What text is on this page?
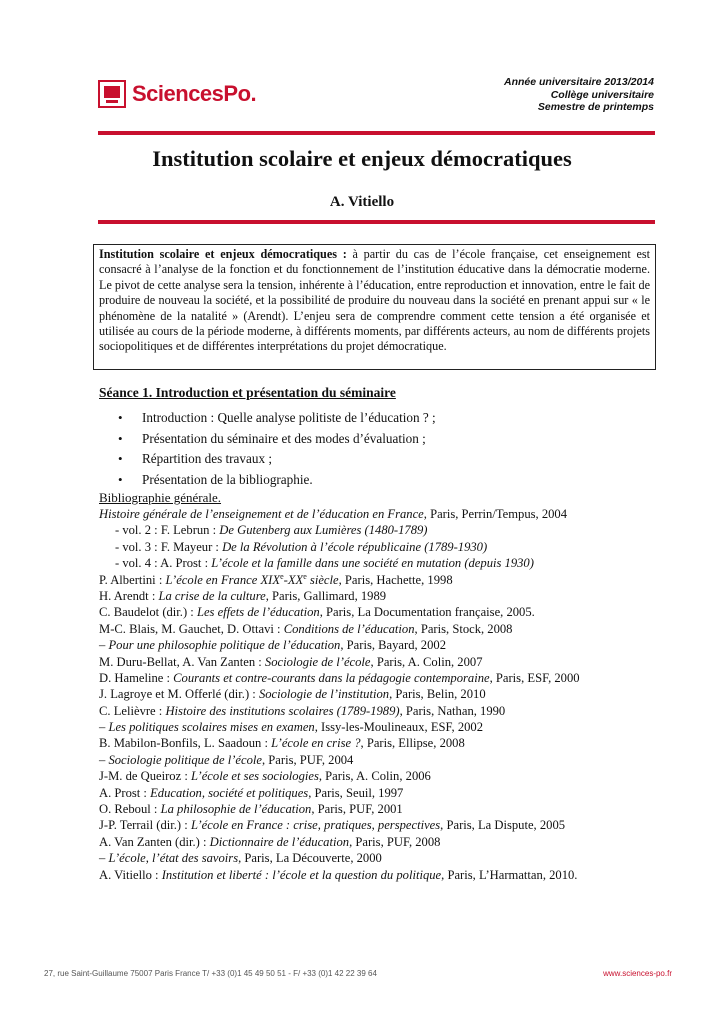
SciencesPo.	Année universitaire 2013/2014
Collège universitaire
Semestre de printemps
Institution scolaire et enjeux démocratiques
A. Vitiello
Institution scolaire et enjeux démocratiques : à partir du cas de l’école française, cet enseignement est consacré à l’analyse de la fonction et du fonctionnement de l’institution éducative dans la démocratie moderne. Le pivot de cette analyse sera la tension, inhérente à l’éducation, entre reproduction et innovation, entre le fait de produire de nouveau la société, et la possibilité de produire du nouveau dans la société en prenant appui sur « le phénomène de la natalité » (Arendt). L’enjeu sera de comprendre comment cette tension a été organisée et utilisée au cours de la période moderne, à différents moments, par différents acteurs, au nom de différents projets sociopolitiques et de différentes interprétations du projet démocratique.
Séance 1. Introduction et présentation du séminaire
• Introduction : Quelle analyse politiste de l’éducation ? ;
• Présentation du séminaire et des modes d’évaluation ;
• Répartition des travaux ;
• Présentation de la bibliographie.
Bibliographie générale.
Histoire générale de l’enseignement et de l’éducation en France, Paris, Perrin/Tempus, 2004
- vol. 2 : F. Lebrun : De Gutenberg aux Lumières (1480-1789)
- vol. 3 : F. Mayeur : De la Révolution à l’école républicaine (1789-1930)
- vol. 4 : A. Prost : L’école et la famille dans une société en mutation (depuis 1930)
P. Albertini : L’école en France XIXe-XXe siècle, Paris, Hachette, 1998
H. Arendt : La crise de la culture, Paris, Gallimard, 1989
C. Baudelot (dir.) : Les effets de l’éducation, Paris, La Documentation française, 2005.
M-C. Blais, M. Gauchet, D. Ottavi : Conditions de l’éducation, Paris, Stock, 2008
– Pour une philosophie politique de l’éducation, Paris, Bayard, 2002
M. Duru-Bellat, A. Van Zanten : Sociologie de l’école, Paris, A. Colin, 2007
D. Hameline : Courants et contre-courants dans la pédagogie contemporaine, Paris, ESF, 2000
J. Lagroye et M. Offerlé (dir.) : Sociologie de l’institution, Paris, Belin, 2010
C. Lelièvre : Histoire des institutions scolaires (1789-1989), Paris, Nathan, 1990
– Les politiques scolaires mises en examen, Issy-les-Moulineaux, ESF, 2002
B. Mabilon-Bonfils, L. Saadoun : L’école en crise ?, Paris, Ellipse, 2008
– Sociologie politique de l’école, Paris, PUF, 2004
J-M. de Queiroz : L’école et ses sociologies, Paris, A. Colin, 2006
A. Prost : Education, société et politiques, Paris, Seuil, 1997
O. Reboul : La philosophie de l’éducation, Paris, PUF, 2001
J-P. Terrail (dir.) : L’école en France : crise, pratiques, perspectives, Paris, La Dispute, 2005
A. Van Zanten (dir.) : Dictionnaire de l’éducation, Paris, PUF, 2008
– L’école, l’état des savoirs, Paris, La Découverte, 2000
A. Vitiello : Institution et liberté : l’école et la question du politique, Paris, L’Harmattan, 2010.
27, rue Saint-Guillaume 75007 Paris France T/ +33 (0)1 45 49 50 51 - F/ +33 (0)1 42 22 39 64	www.sciences-po.fr
